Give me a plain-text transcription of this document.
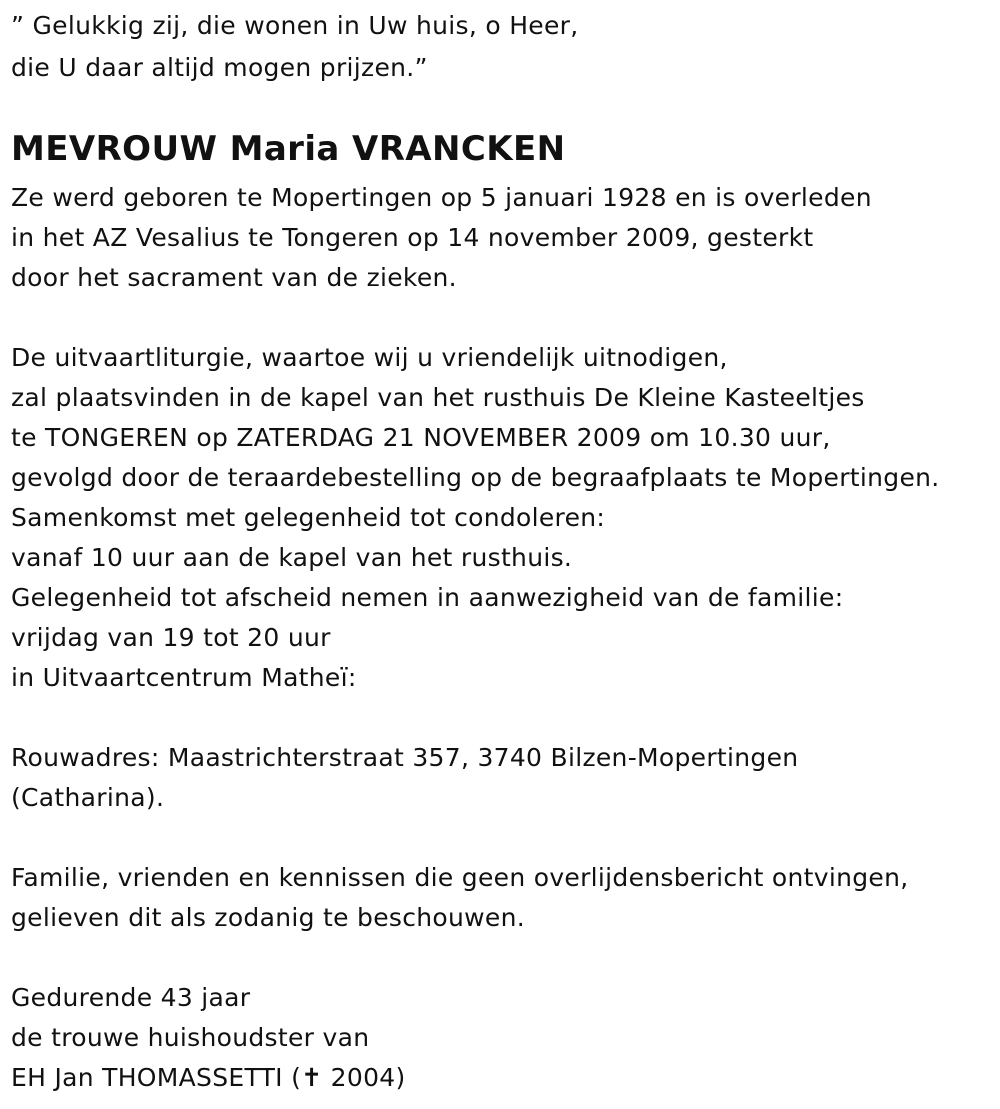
” Gelukkig zij, die wonen in Uw huis, o Heer,
die U daar altijd mogen prijzen.”
MEVROUW Maria VRANCKEN
Ze werd geboren te Mopertingen op 5 januari 1928 en is overleden
in het AZ Vesalius te Tongeren op 14 november 2009, gesterkt
door het sacrament van de zieken.
De uitvaartliturgie, waartoe wij u vriendelijk uitnodigen,
zal plaatsvinden in de kapel van het rusthuis De Kleine Kasteeltjes
te TONGEREN op ZATERDAG 21 NOVEMBER 2009 om 10.30 uur,
gevolgd door de teraardebestelling op de begraafplaats te Mopertingen.
Samenkomst met gelegenheid tot condoleren:
vanaf 10 uur aan de kapel van het rusthuis.
Gelegenheid tot afscheid nemen in aanwezigheid van de familie:
vrijdag van 19 tot 20 uur
in Uitvaartcentrum Matheï:
Rouwadres: Maastrichterstraat 357, 3740 Bilzen-Mopertingen
(Catharina).
Familie, vrienden en kennissen die geen overlijdensbericht ontvingen,
gelieven dit als zodanig te beschouwen.
Gedurende 43 jaar
de trouwe huishoudster van
EH Jan THOMASSETTI (✝ 2004)
